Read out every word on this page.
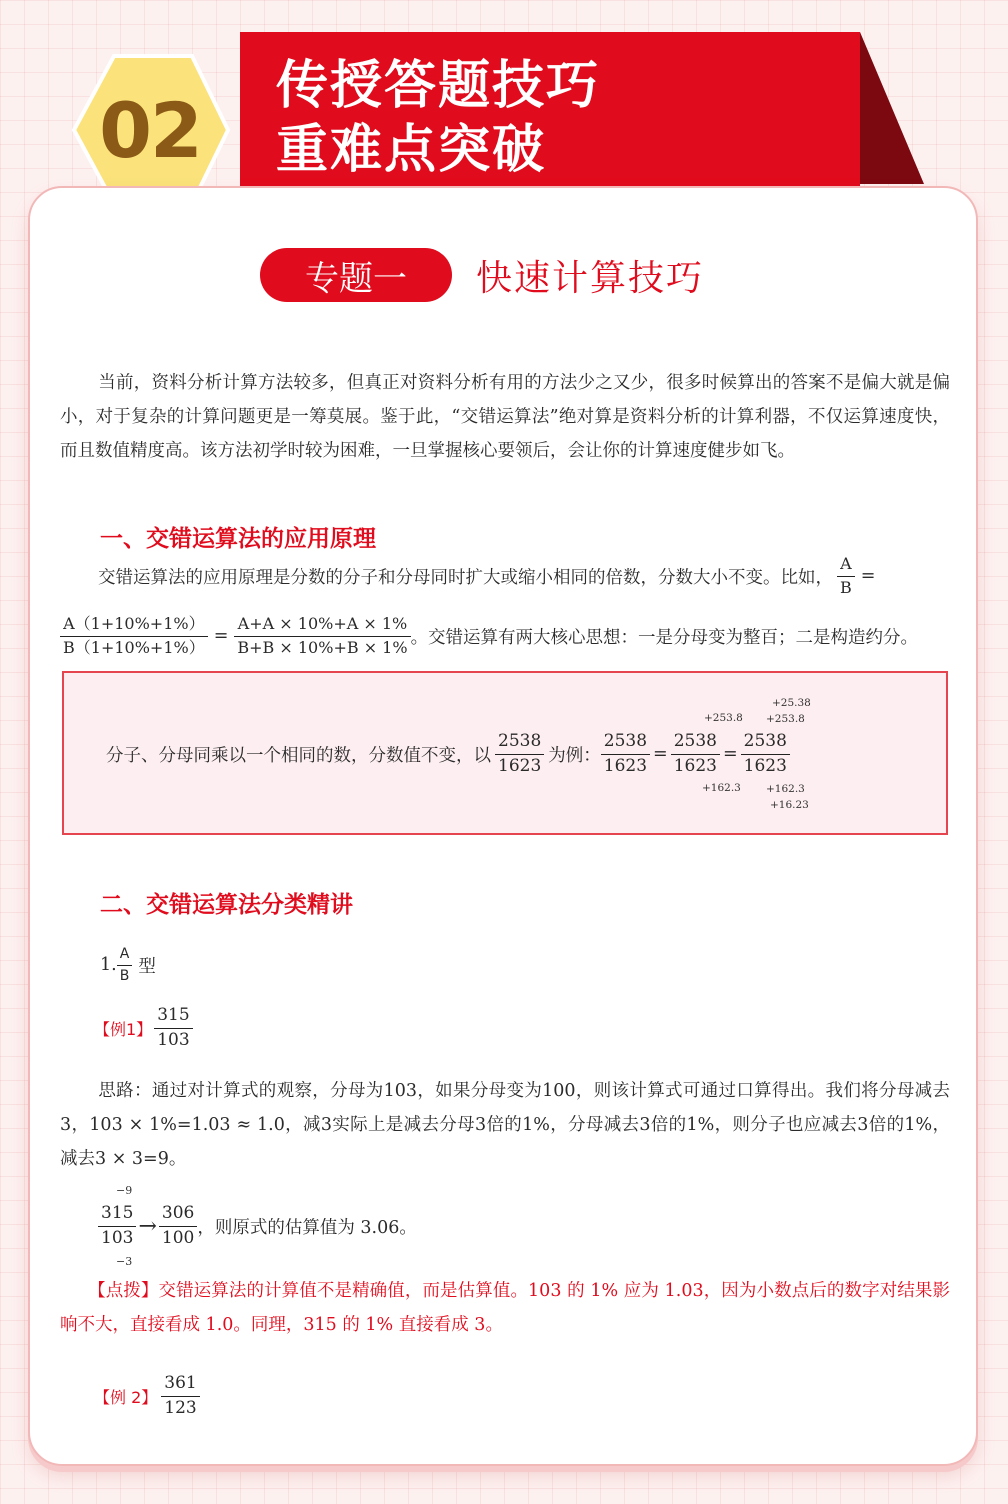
传授答题技巧
重难点突破
02
专题一	快速计算技巧
当前，资料分析计算方法较多，但真正对资料分析有用的方法少之又少，很多时候算出的答案不是偏大就是偏小，对于复杂的计算问题更是一筹莫展。鉴于此，“交错运算法”绝对算是资料分析的计算利器，不仅运算速度快，而且数值精度高。该方法初学时较为困难，一旦掌握核心要领后，会让你的计算速度健步如飞。
一、交错运算法的应用原理
交错运算法的应用原理是分数的分子和分母同时扩大或缩小相同的倍数，分数大小不变。比如， $\frac{A}{B}$ =
$\frac{A(1+10\%+1\%)}{B(1+10\%+1\%)} = \frac{A+A \times 10\%+A \times 1\%}{B+B \times 10\%+B \times 1\%}$ 。交错运算有两大核心思想：一是分母变为整百；二是构造约分。
分子、分母同乘以一个相同的数，分数值不变，以 $\frac{2538}{1623}$ 为例： $\frac{2538}{1623} = \frac{2538}{1623} = \frac{2538}{1623}$
+253.8
+162.3
+25.38
+253.8
+162.3
+16.23
二、交错运算法分类精讲
1. $\frac{A}{B}$ 型
【例1】 $\frac{315}{103}$
思路：通过对计算式的观察，分母为103，如果分母变为100，则该计算式可通过口算得出。我们将分母减去3，103 × 1%=1.03 ≈ 1.0，减3实际上是减去分母3倍的1%，分母减去3倍的1%，则分子也应减去3倍的1%，减去3 × 3=9。
−9
$\frac{315}{103} \to \frac{306}{100}$ ，则原式的估算值为 3.06。
−3
【点拨】交错运算法的计算值不是精确值，而是估算值。103 的 1% 应为 1.03，因为小数点后的数字对结果影响不大，直接看成 1.0。同理，315 的 1% 直接看成 3。
【例 2】 $\frac{361}{123}$
